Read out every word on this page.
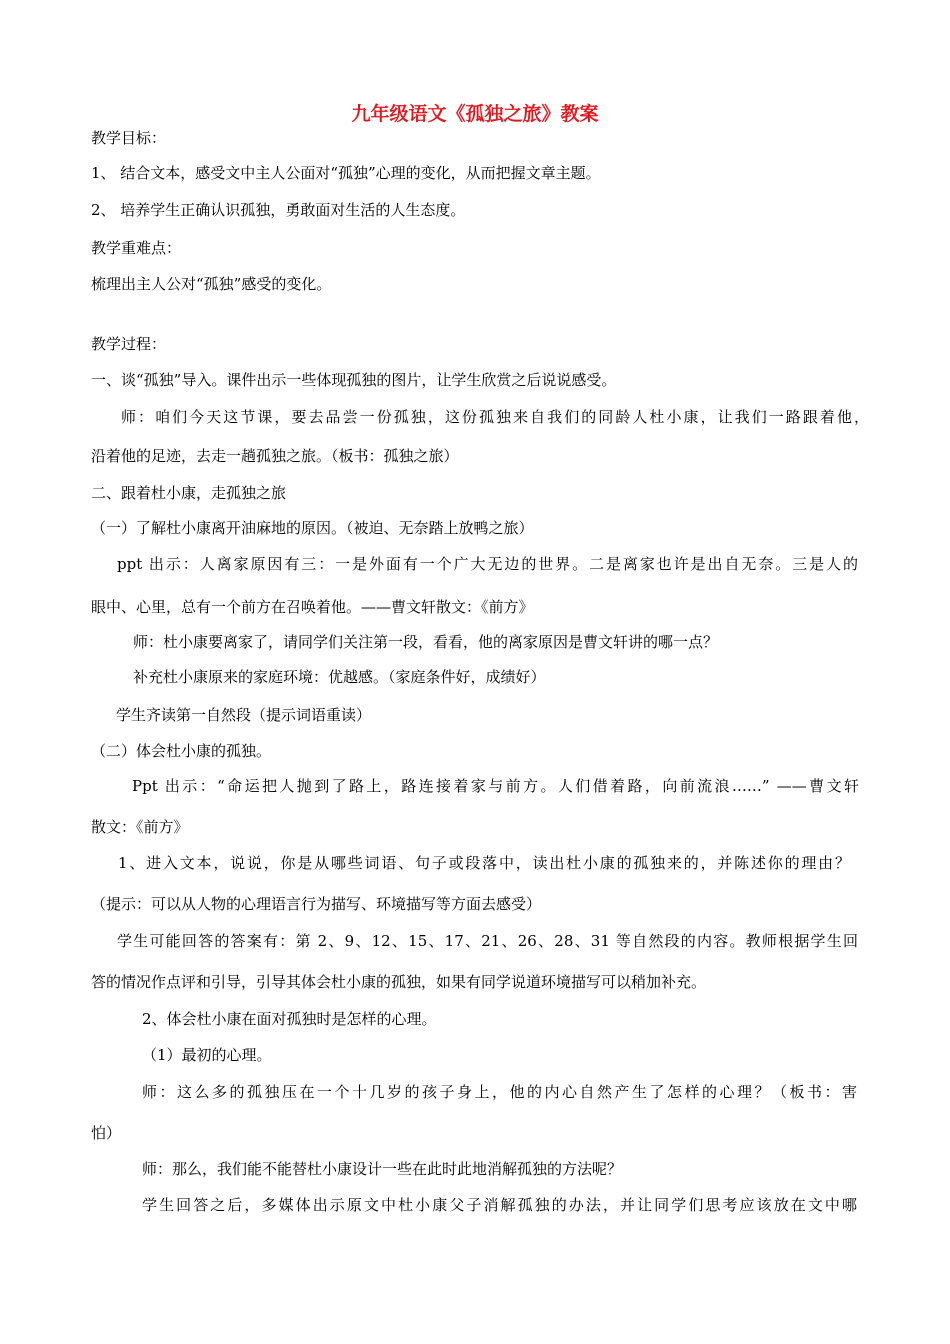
九年级语文《孤独之旅》教案

教学目标：

1、 结合文本，感受文中主人公面对“孤独”心理的变化，从而把握文章主题。

2、 培养学生正确认识孤独，勇敢面对生活的人生态度。

教学重难点：

梳理出主人公对“孤独”感受的变化。

教学过程：

一、谈“孤独”导入。课件出示一些体现孤独的图片，让学生欣赏之后说说感受。

师：咱们今天这节课，要去品尝一份孤独，这份孤独来自我们的同龄人杜小康，让我们一路跟着他，

沿着他的足迹，去走一趟孤独之旅。（板书：孤独之旅）

二、跟着杜小康，走孤独之旅

（一）了解杜小康离开油麻地的原因。（被迫、无奈踏上放鸭之旅）

ppt 出示：人离家原因有三：一是外面有一个广大无边的世界。二是离家也许是出自无奈。三是人的

眼中、心里，总有一个前方在召唤着他。——曹文轩散文：《前方》

师：杜小康要离家了，请同学们关注第一段，看看，他的离家原因是曹文轩讲的哪一点？

补充杜小康原来的家庭环境：优越感。（家庭条件好，成绩好）

学生齐读第一自然段（提示词语重读）

（二）体会杜小康的孤独。

Ppt 出示：“命运把人抛到了路上，路连接着家与前方。人们借着路，向前流浪……” ——曹文轩

散文：《前方》

1、进入文本，说说，你是从哪些词语、句子或段落中，读出杜小康的孤独来的，并陈述你的理由？

（提示：可以从人物的心理语言行为描写、环境描写等方面去感受）

学生可能回答的答案有：第 2、9、12、15、17、21、26、28、31 等自然段的内容。教师根据学生回

答的情况作点评和引导，引导其体会杜小康的孤独，如果有同学说道环境描写可以稍加补充。

2、体会杜小康在面对孤独时是怎样的心理。

（1）最初的心理。

师：这么多的孤独压在一个十几岁的孩子身上，他的内心自然产生了怎样的心理？（板书：害

怕）

师：那么，我们能不能替杜小康设计一些在此时此地消解孤独的方法呢？

学生回答之后，多媒体出示原文中杜小康父子消解孤独的办法，并让同学们思考应该放在文中哪
